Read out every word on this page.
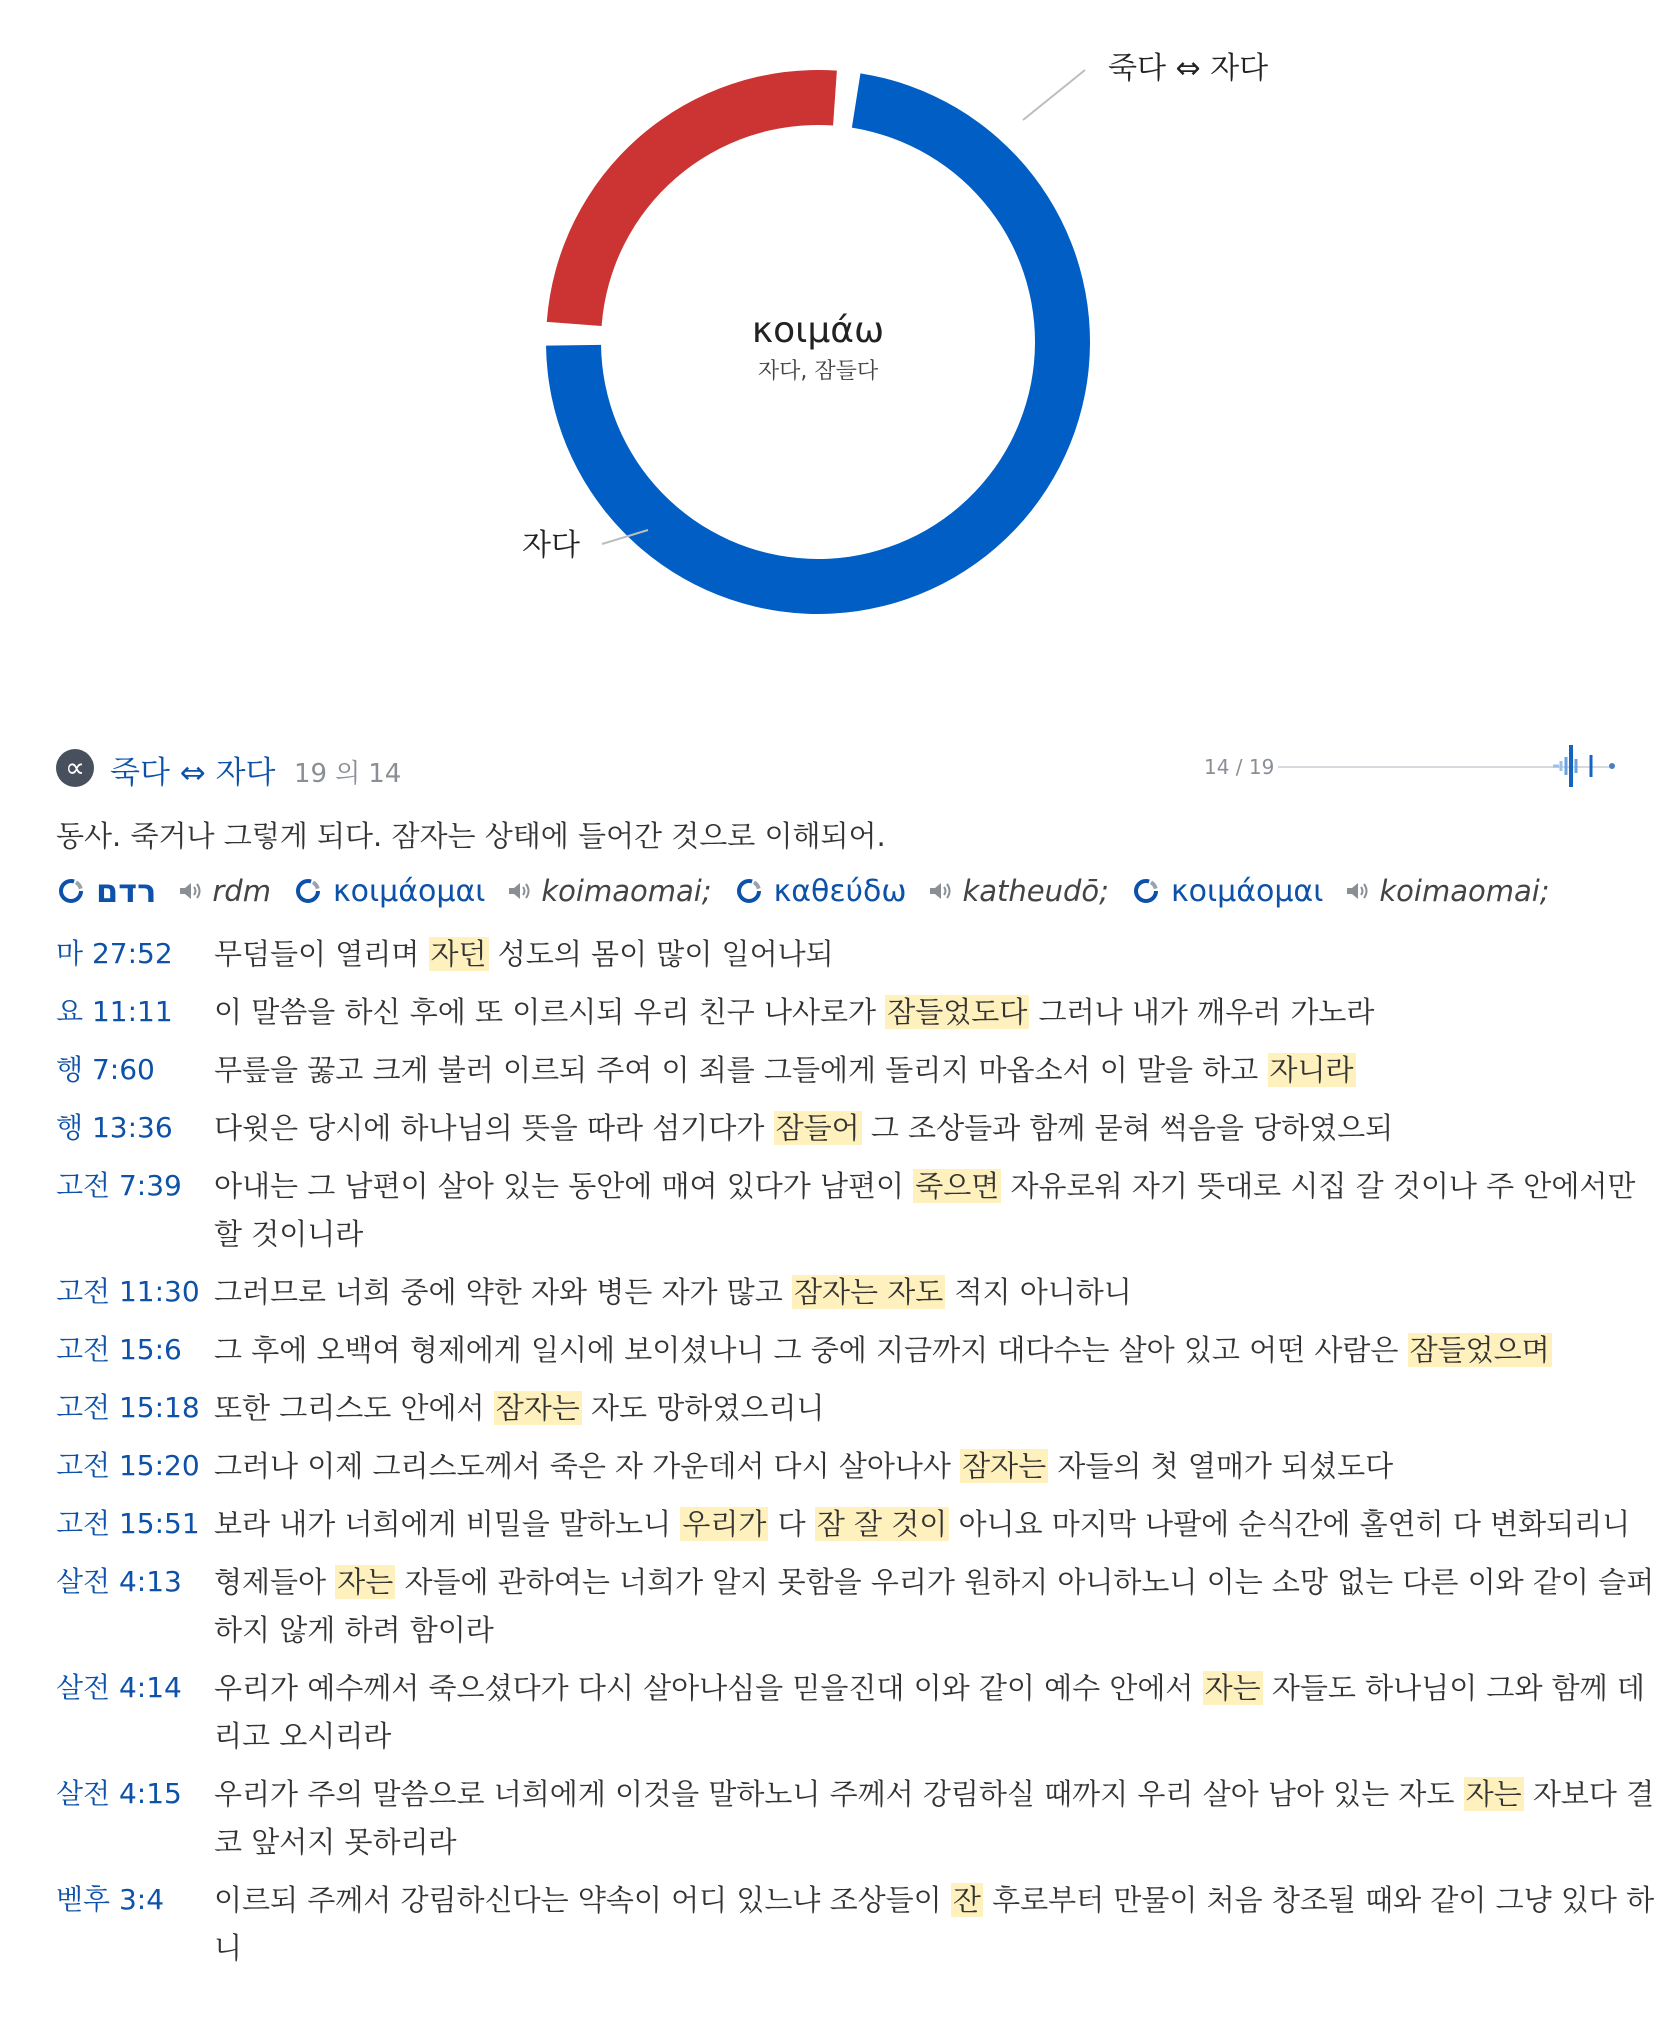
죽다 ⇔ 자다
자다
κοιμάω
자다, 잠들다
∝ 죽다 ⇔ 자다 19 의 14	14 / 19
동사. 죽거나 그렇게 되다. 잠자는 상태에 들어간 것으로 이해되어.
רדם rdm κοιμάομαι koimaomai; καθεύδω katheudō; κοιμάομαι koimaomai;
마 27:52 무덤들이 열리며 자던 성도의 몸이 많이 일어나되
요 11:11 이 말씀을 하신 후에 또 이르시되 우리 친구 나사로가 잠들었도다 그러나 내가 깨우러 가노라
행 7:60 무릎을 꿇고 크게 불러 이르되 주여 이 죄를 그들에게 돌리지 마옵소서 이 말을 하고 자니라
행 13:36 다윗은 당시에 하나님의 뜻을 따라 섬기다가 잠들어 그 조상들과 함께 묻혀 썩음을 당하였으되
고전 7:39 아내는 그 남편이 살아 있는 동안에 매여 있다가 남편이 죽으면 자유로워 자기 뜻대로 시집 갈 것이나 주 안에서만 할 것이니라
고전 11:30 그러므로 너희 중에 약한 자와 병든 자가 많고 잠자는 자도 적지 아니하니
고전 15:6 그 후에 오백여 형제에게 일시에 보이셨나니 그 중에 지금까지 대다수는 살아 있고 어떤 사람은 잠들었으며
고전 15:18 또한 그리스도 안에서 잠자는 자도 망하였으리니
고전 15:20 그러나 이제 그리스도께서 죽은 자 가운데서 다시 살아나사 잠자는 자들의 첫 열매가 되셨도다
고전 15:51 보라 내가 너희에게 비밀을 말하노니 우리가 다 잠 잘 것이 아니요 마지막 나팔에 순식간에 홀연히 다 변화되리니
살전 4:13 형제들아 자는 자들에 관하여는 너희가 알지 못함을 우리가 원하지 아니하노니 이는 소망 없는 다른 이와 같이 슬퍼하지 않게 하려 함이라
살전 4:14 우리가 예수께서 죽으셨다가 다시 살아나심을 믿을진대 이와 같이 예수 안에서 자는 자들도 하나님이 그와 함께 데리고 오시리라
살전 4:15 우리가 주의 말씀으로 너희에게 이것을 말하노니 주께서 강림하실 때까지 우리 살아 남아 있는 자도 자는 자보다 결코 앞서지 못하리라
벧후 3:4 이르되 주께서 강림하신다는 약속이 어디 있느냐 조상들이 잔 후로부터 만물이 처음 창조될 때와 같이 그냥 있다 하니
